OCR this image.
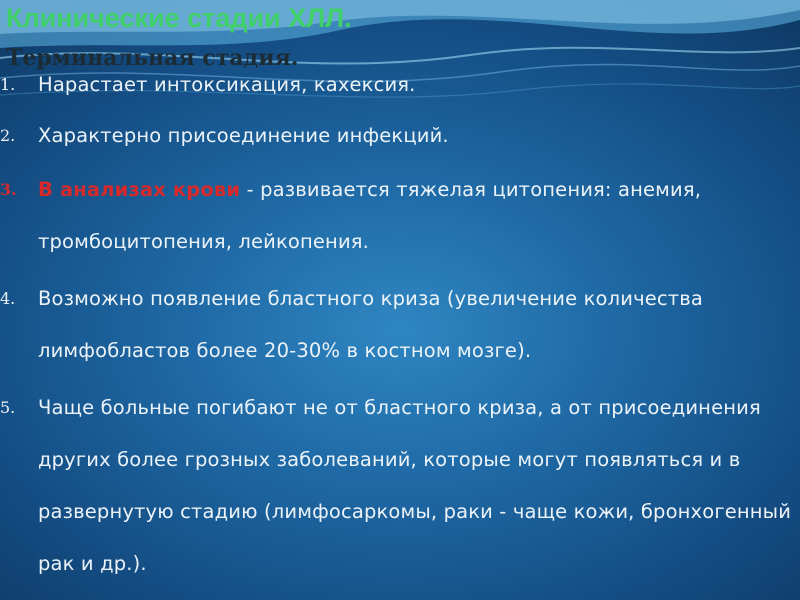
Клинические стадии ХЛЛ.
Терминальная стадия.
1.	Нарастает интоксикация, кахексия.
2.	Характерно присоединение инфекций.
3.	В анализах крови - развивается тяжелая цитопения: анемия, тромбоцитопения, лейкопения.
4.	Возможно появление бластного криза (увеличение количества лимфобластов более 20-30% в костном мозге).
5.	Чаще больные погибают не от бластного криза, а от присоединения других более грозных заболеваний, которые могут появляться и в развернутую стадию (лимфосаркомы, раки - чаще кожи, бронхогенный рак и др.).
